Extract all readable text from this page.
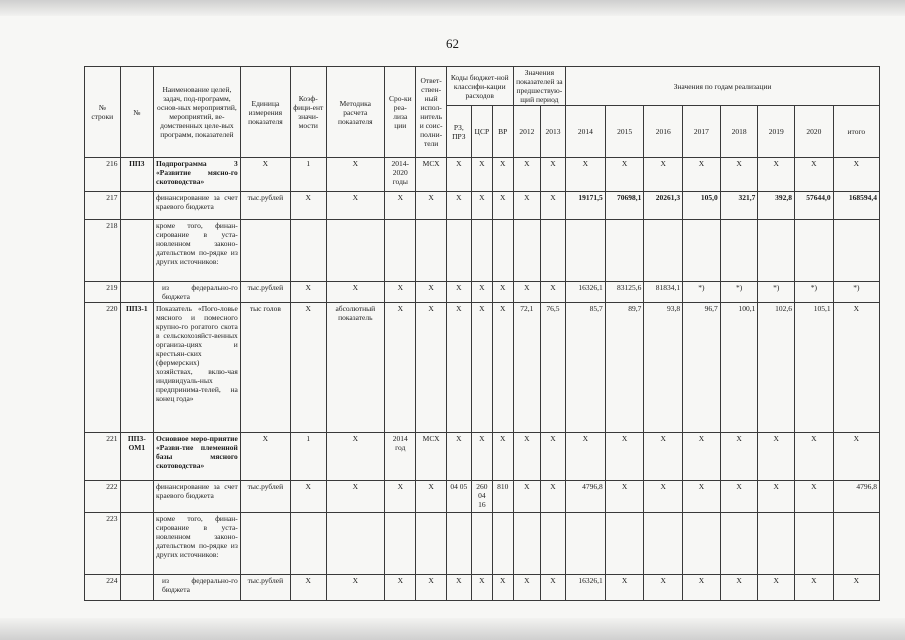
62
№ строки	№	Наименование целей, задач, под-программ, основ-ных мероприятий, мероприятий, ве-домственных целе-вых программ, показателей	Единица измерения показателя	Коэф-фици-ент значи-мости	Методика расчета показателя	Сро-ки реа-лиза ции	Ответ-ствен-ный испол-нитель и соис-полни-тели	Коды бюджет-ной классифи-кации расходов			Значения показателей за предшествую-щий период		Значения по годам реализации							
								РЗ, ПРЗ	ЦСР	ВР	2012	2013	2014	2015	2016	2017	2018	2019	2020	итого
216	ПП3	Подпрограмма 3 «Развитие мясно-го скотоводства»	X	1	X	2014-2020 годы	МСХ	X	X	X	X	X	X	X	X	X	X	X	X	X
217		финансирование за счет краевого бюджета	тыс.рублей	X	X	X	X	X	X	X	X	X	19171,5	70698,1	20261,3	105,0	321,7	392,8	57644,0	168594,4
218		кроме того, финан-сирование в уста-новленном законо-дательством по-рядке из других источников:																		
219		из федерально-го бюджета	тыс.рублей	X	X	X	X	X	X	X	X	X	16326,1	83125,6	81834,1	*)	*)	*)	*)	*)
220	ПП3-1	Показатель «Пого-ловье мясного и помесного крупно-го рогатого скота в сельскохозяйст-венных организа-циях и крестьян-ских (фермерских) хозяйствах, вклю-чая индивидуаль-ных предпринима-телей, на конец года»	тыс голов	X	абсолютный показатель	X	X	X	X	X	72,1	76,5	85,7	89,7	93,8	96,7	100,1	102,6	105,1	X
221	ПП3-ОМ1	Основное меро-приятие «Разви-тие племенной базы мясного скотоводства»	X	1	X	2014 год	МСХ	X	X	X	X	X	X	X	X	X	X	X	X	X
222		финансирование за счет краевого бюджета	тыс.рублей	X	X	X	X	04 05	260 04 16	810	X	X	4796,8	X	X	X	X	X	X	4796,8
223		кроме того, финан-сирование в уста-новленном законо-дательством по-рядке из других источников:																		
224		из федерально-го бюджета	тыс.рублей	X	X	X	X	X	X	X	X	X	16326,1	X	X	X	X	X	X	X
